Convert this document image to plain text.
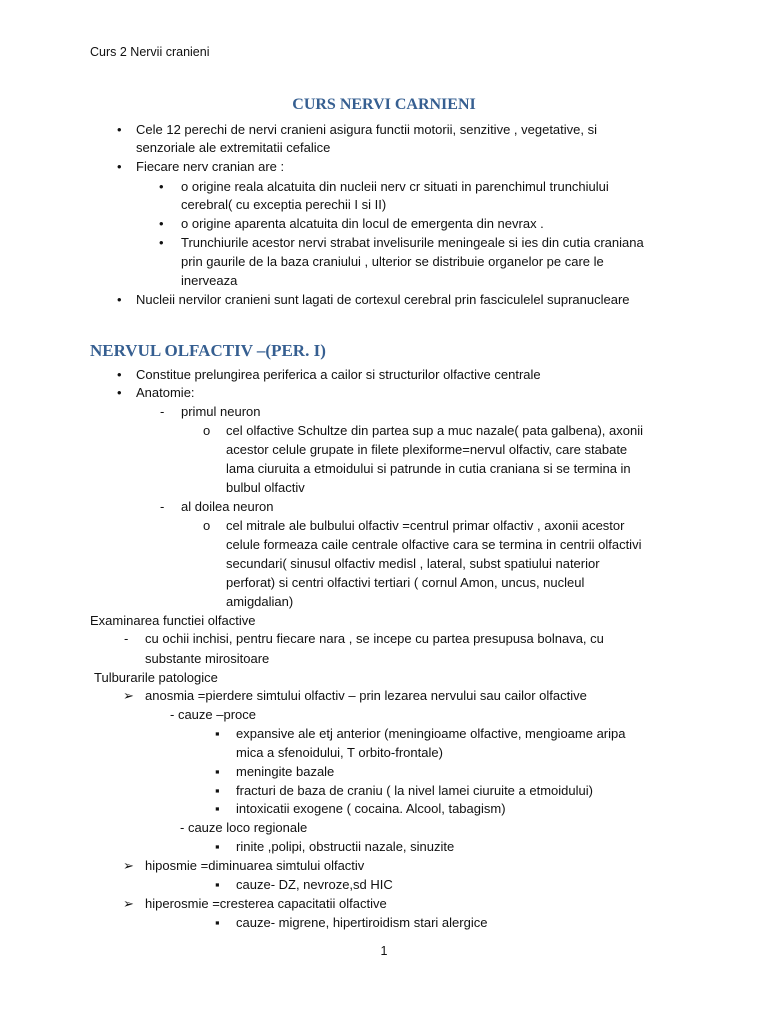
Curs 2 Nervii cranieni
CURS NERVI CARNIENI
• Cele 12 perechi de nervi cranieni asigura functii motorii, senzitive , vegetative, si
senzoriale ale extremitatii cefalice
• Fiecare nerv cranian are :
• o origine reala alcatuita din nucleii nerv cr situati in parenchimul trunchiului
cerebral( cu exceptia perechii I si II)
• o origine aparenta alcatuita din locul de emergenta din nevrax .
• Trunchiurile acestor nervi strabat invelisurile meningeale si ies din cutia craniana
prin gaurile de la baza craniului , ulterior se distribuie organelor pe care le
inerveaza
• Nucleii nervilor cranieni sunt lagati de cortexul cerebral prin fasciculelel supranucleare
NERVUL OLFACTIV –(PER. I)
• Constitue prelungirea periferica a cailor si structurilor olfactive centrale
• Anatomie:
- primul neuron
o cel olfactive Schultze din partea sup a muc nazale( pata galbena), axonii
acestor celule grupate in filete plexiforme=nervul olfactiv, care stabate
lama ciuruita a etmoidului si patrunde in cutia craniana si se termina in
bulbul olfactiv
- al doilea neuron
o cel mitrale ale bulbului olfactiv =centrul primar olfactiv , axonii acestor
celule formeaza caile centrale olfactive cara se termina in centrii olfactivi
secundari( sinusul olfactiv medisl , lateral, subst spatiului naterior
perforat) si centri olfactivi tertiari ( cornul Amon, uncus, nucleul
amigdalian)
Examinarea functiei olfactive
- cu ochii inchisi, pentru fiecare nara , se incepe cu partea presupusa bolnava, cu
substante mirositoare
Tulburarile patologice
➢ anosmia =pierdere simtului olfactiv – prin lezarea nervului sau cailor olfactive
- cauze –proce
▪ expansive ale etj anterior (meningioame olfactive, mengioame aripa
mica a sfenoidului, T orbito-frontale)
▪ meningite bazale
▪ fracturi de baza de craniu ( la nivel lamei ciuruite a etmoidului)
▪ intoxicatii exogene ( cocaina. Alcool, tabagism)
- cauze loco regionale
▪ rinite ,polipi, obstructii nazale, sinuzite
➢ hiposmie =diminuarea simtului olfactiv
▪ cauze- DZ, nevroze,sd HIC
➢ hiperosmie =cresterea capacitatii olfactive
▪ cauze- migrene, hipertiroidism stari alergice
1
